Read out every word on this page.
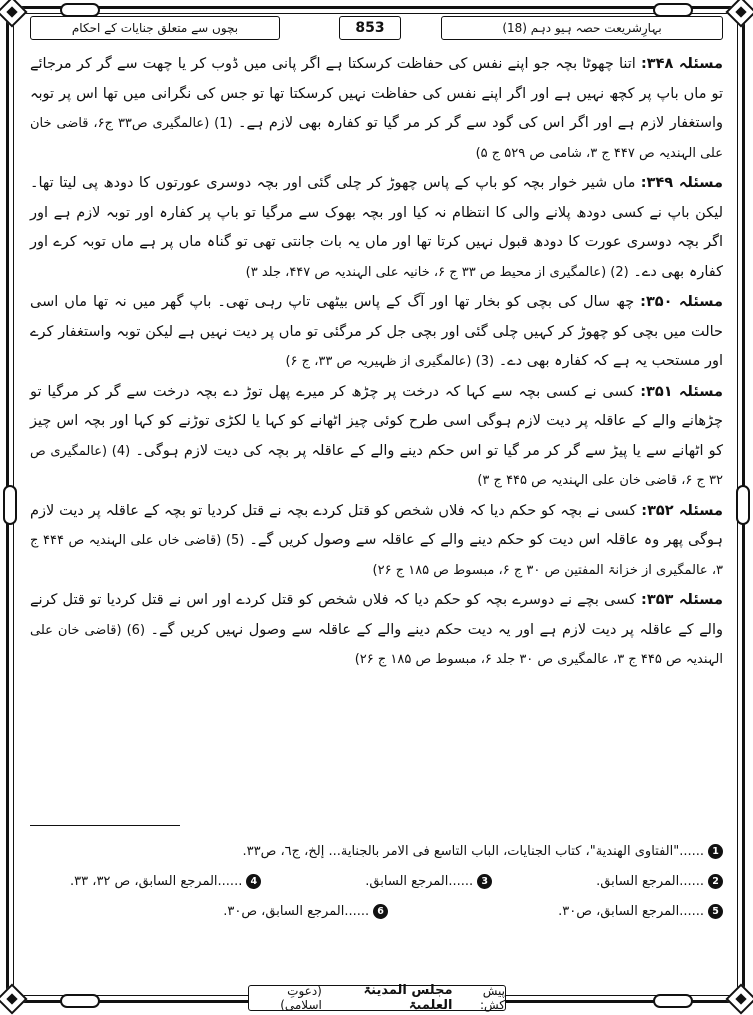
بہارِشریعت حصہ ہیو دہم (18)
853
بچوں سے متعلق جنایات کے احکام

مسئلہ ۳۴۸: اتنا چھوٹا بچہ جو اپنے نفس کی حفاظت کرسکتا ہے اگر پانی میں ڈوب کر یا چھت سے گر کر مرجائے تو ماں باپ پر کچھ نہیں ہے اور اگر اپنے نفس کی حفاظت نہیں کرسکتا تھا تو جس کی نگرانی میں تھا اس پر توبہ واستغفار لازم ہے اور اگر اس کی گود سے گر کر مر گیا تو کفارہ بھی لازم ہے۔ (1) (عالمگیری ص۳۳ ج۶، قاضی خان علی الہندیہ ص ۴۴۷ ج ۳، شامی ص ۵۲۹ ج ۵)

مسئلہ ۳۴۹: ماں شیر خوار بچہ کو باپ کے پاس چھوڑ کر چلی گئی اور بچہ دوسری عورتوں کا دودھ پی لیتا تھا۔لیکن باپ نے کسی دودھ پلانے والی کا انتظام نہ کیا اور بچہ بھوک سے مرگیا تو باپ پر کفارہ اور توبہ لازم ہے اور اگر بچہ دوسری عورت کا دودھ قبول نہیں کرتا تھا اور ماں یہ بات جانتی تھی تو گناہ ماں پر ہے ماں توبہ کرے اور کفارہ بھی دے۔ (2) (عالمگیری از محیط ص ۳۳ ج ۶، خانیہ علی الہندیہ ص ۴۴۷، جلد ۳)

مسئلہ ۳۵۰: چھ سال کی بچی کو بخار تھا اور آگ کے پاس بیٹھی تاپ رہی تھی۔ باپ گھر میں نہ تھا ماں اسی حالت میں بچی کو چھوڑ کر کہیں چلی گئی اور بچی جل کر مرگئی تو ماں پر دیت نہیں ہے لیکن توبہ واستغفار کرے اور مستحب یہ ہے کہ کفارہ بھی دے۔ (3) (عالمگیری از ظہیریہ ص ۳۳، ج ۶)

مسئلہ ۳۵۱: کسی نے کسی بچہ سے کہا کہ درخت پر چڑھ کر میرے پھل توڑ دے بچہ درخت سے گر کر مرگیا تو چڑھانے والے کے عاقلہ پر دیت لازم ہوگی اسی طرح کوئی چیز اٹھانے کو کہا یا لکڑی توڑنے کو کہا اور بچہ اس چیز کو اٹھانے سے یا پیڑ سے گر کر مر گیا تو اس حکم دینے والے کے عاقلہ پر بچہ کی دیت لازم ہوگی۔ (4) (عالمگیری ص ۳۲ ج ۶، قاضی خان علی الہندیہ ص ۴۴۵ ج ۳)

مسئلہ ۳۵۲: کسی نے بچہ کو حکم دیا کہ فلاں شخص کو قتل کردے بچہ نے قتل کردیا تو بچہ کے عاقلہ پر دیت لازم ہوگی پھر وہ عاقلہ اس دیت کو حکم دینے والے کے عاقلہ سے وصول کریں گے۔ (5) (قاضی خاں علی الہندیہ ص ۴۴۴ ج ۳، عالمگیری از خزانۃ المفتین ص ۳۰ ج ۶، مبسوط ص ۱۸۵ ج ۲۶)

مسئلہ ۳۵۳: کسی بچے نے دوسرے بچہ کو حکم دیا کہ فلاں شخص کو قتل کردے اور اس نے قتل کردیا تو قتل کرنے والے کے عاقلہ پر دیت لازم ہے اور یہ دیت حکم دینے والے کے عاقلہ سے وصول نہیں کریں گے۔ (6) (قاضی خان علی الہندیہ ص ۴۴۵ ج ۳، عالمگیری ص ۳۰ جلد ۶، مبسوط ص ۱۸۵ ج ۲۶)

1
......"الفتاوی الھندیة"، کتاب الجنایات، الباب التاسع فی الامر بالجنایة... إلخ، ج٦، ص٣٣.
2
......المرجع السابق.
3
......المرجع السابق.
4
......المرجع السابق، ص ٣٢، ٣٣.
5
......المرجع السابق، ص٣٠.
6
......المرجع السابق، ص٣٠.
پیش کش:
مجلس المدینۃ العلمیۃ
(دعوتِ اسلامی)
